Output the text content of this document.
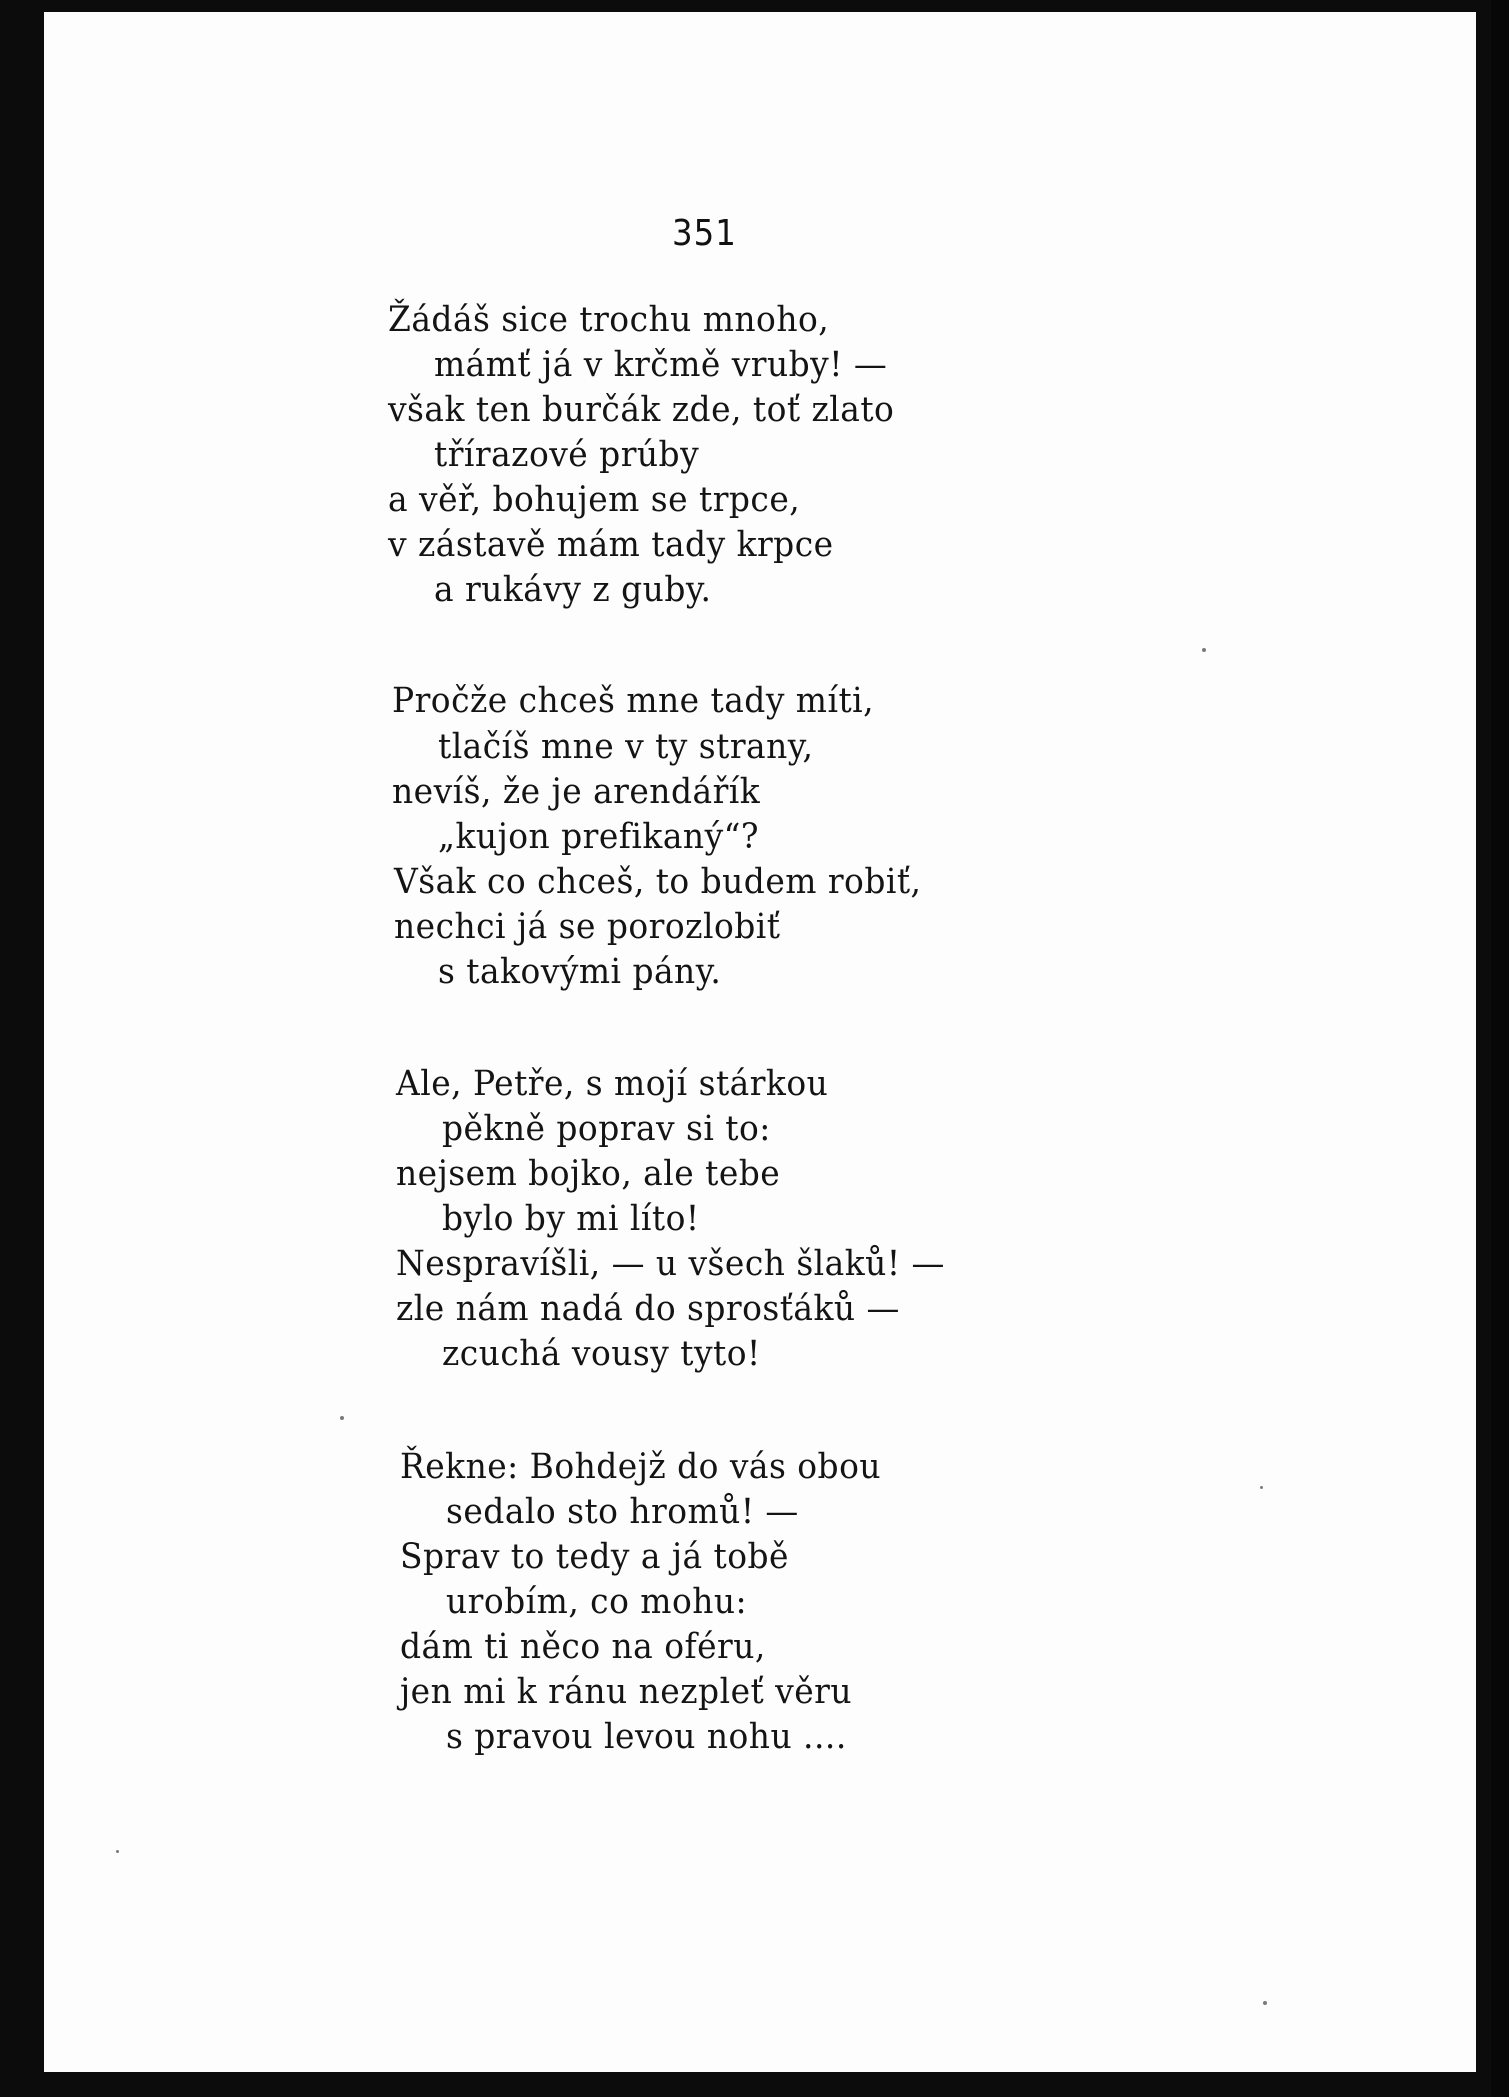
351
Žádáš sice trochu mnoho,
mámť já v krčmě vruby! —
však ten burčák zde, toť zlato
třírazové prúby
a věř, bohujem se trpce,
v zástavě mám tady krpce
a rukávy z guby.
Pročže chceš mne tady míti,
tlačíš mne v ty strany,
nevíš, že je arendářík
„kujon prefikaný“?
Však co chceš, to budem robiť,
nechci já se porozlobiť
s takovými pány.
Ale, Petře, s mojí stárkou
pěkně poprav si to:
nejsem bojko, ale tebe
bylo by mi líto!
Nespravíšli, — u všech šlaků! —
zle nám nadá do sprosťáků —
zcuchá vousy tyto!
Řekne: Bohdejž do vás obou
sedalo sto hromů! —
Sprav to tedy a já tobě
urobím, co mohu:
dám ti něco na oféru,
jen mi k ránu nezpleť věru
s pravou levou nohu ....
